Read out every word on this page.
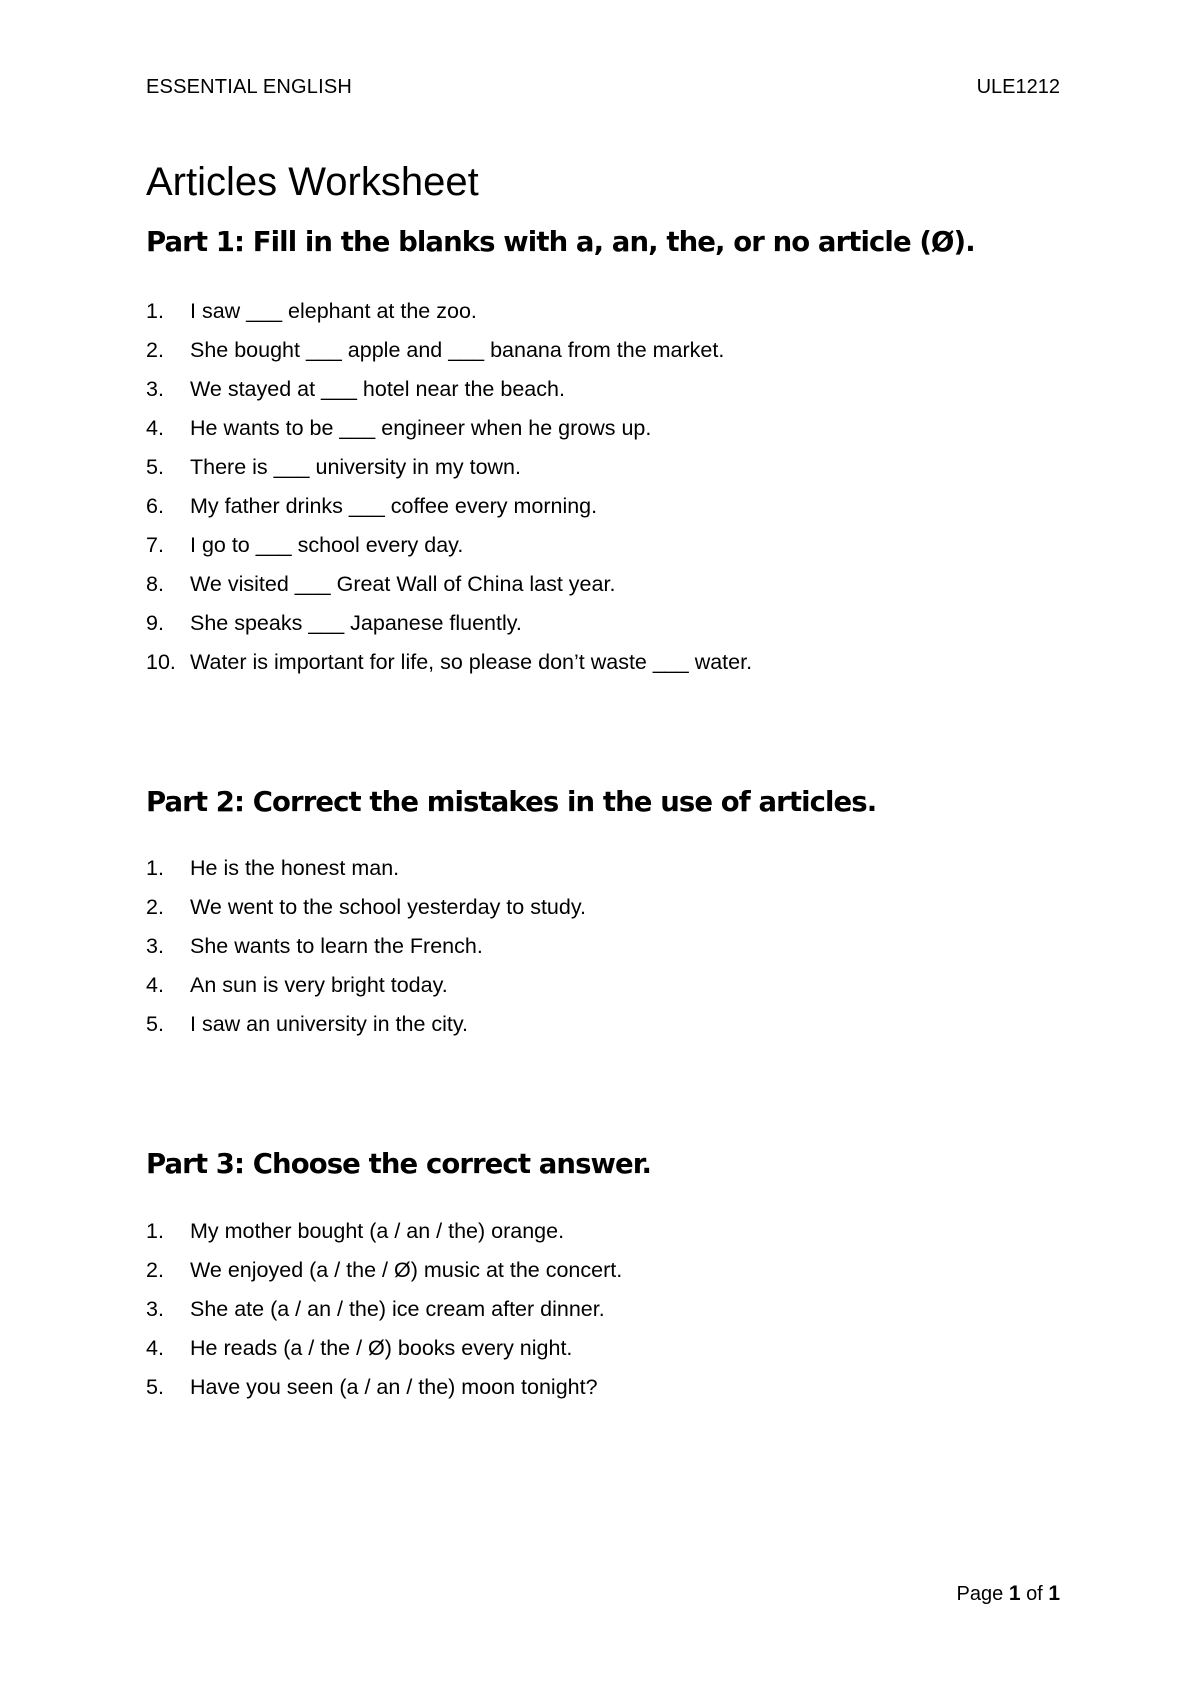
ESSENTIAL ENGLISH	ULE1212
Articles Worksheet
Part 1: Fill in the blanks with a, an, the, or no article (Ø).
1. I saw ___ elephant at the zoo.
2. She bought ___ apple and ___ banana from the market.
3. We stayed at ___ hotel near the beach.
4. He wants to be ___ engineer when he grows up.
5. There is ___ university in my town.
6. My father drinks ___ coffee every morning.
7. I go to ___ school every day.
8. We visited ___ Great Wall of China last year.
9. She speaks ___ Japanese fluently.
10. Water is important for life, so please don’t waste ___ water.
Part 2: Correct the mistakes in the use of articles.
1. He is the honest man.
2. We went to the school yesterday to study.
3. She wants to learn the French.
4. An sun is very bright today.
5. I saw an university in the city.
Part 3: Choose the correct answer.
1. My mother bought (a / an / the) orange.
2. We enjoyed (a / the / Ø) music at the concert.
3. She ate (a / an / the) ice cream after dinner.
4. He reads (a / the / Ø) books every night.
5. Have you seen (a / an / the) moon tonight?
Page 1 of 1
